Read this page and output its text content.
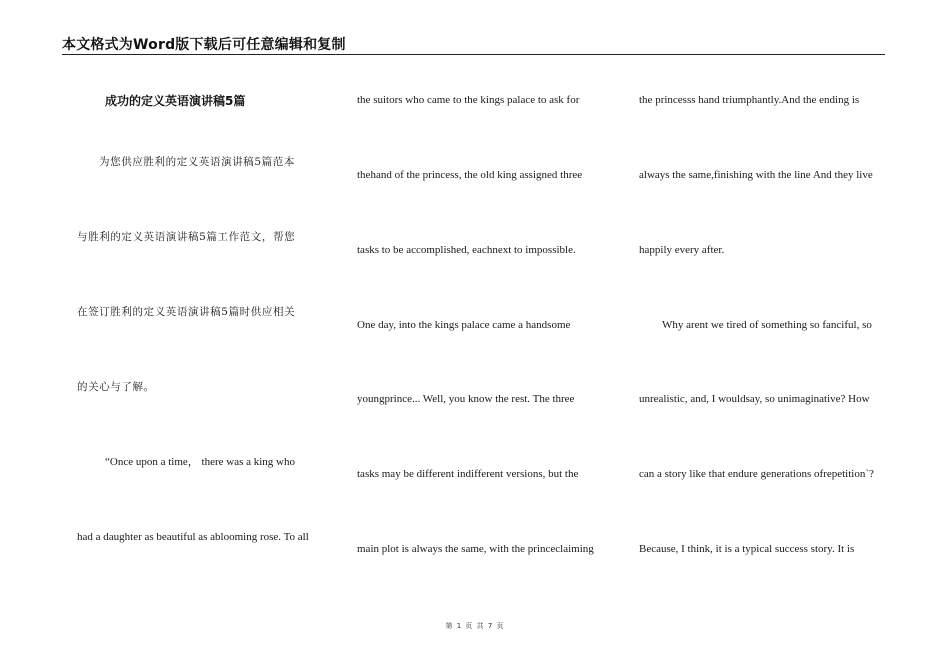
本文格式为Word版下载后可任意编辑和复制
成功的定义英语演讲稿5篇
为您供应胜利的定义英语演讲稿5篇范本
与胜利的定义英语演讲稿5篇工作范文，帮您
在签订胜利的定义英语演讲稿5篇时供应相关
的关心与了解。
“Once upon a time， there was a king who
had a daughter as beautiful as ablooming rose. To all
the suitors who came to the kings palace to ask for
thehand of the princess, the old king assigned three
tasks to be accomplished, eachnext to impossible.
One day, into the kings palace came a handsome
youngprince... Well, you know the rest. The three
tasks may be different indifferent versions, but the
main plot is always the same, with the princeclaiming
the princesss hand triumphantly.And the ending is
always the same,finishing with the line And they live
happily every after.
Why arent we tired of something so fanciful, so
unrealistic, and, I wouldsay, so unimaginative? How
can a story like that endure generations ofrepetition`?
Because, I think, it is a typical success story. It is
第 1 页 共 7 页
